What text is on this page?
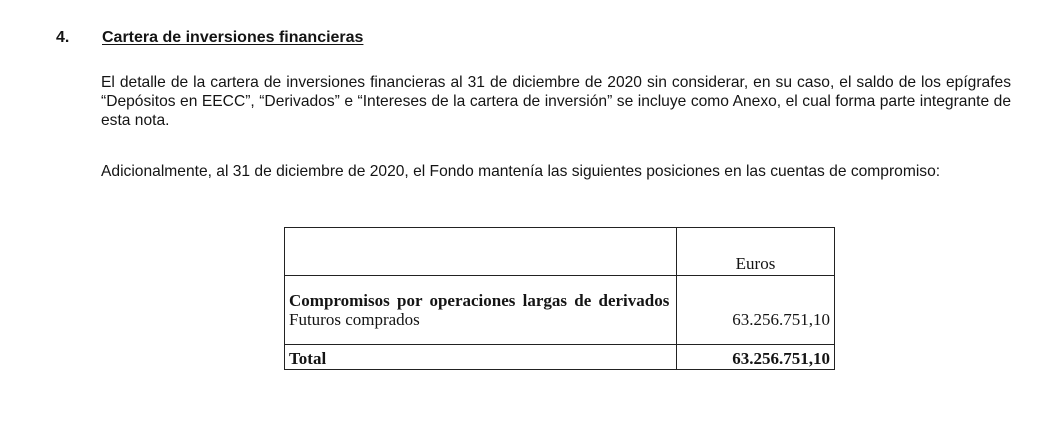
4. Cartera de inversiones financieras

El detalle de la cartera de inversiones financieras al 31 de diciembre de 2020 sin considerar, en su caso, el saldo de los epígrafes “Depósitos en EECC”, “Derivados” e “Intereses de la cartera de inversión” se incluye como Anexo, el cual forma parte integrante de esta nota.

Adicionalmente, al 31 de diciembre de 2020, el Fondo mantenía las siguientes posiciones en las cuentas de compromiso:

	Euros

Compromisos por operaciones largas de derivados	
Futuros comprados	63.256.751,10

Total	63.256.751,10
